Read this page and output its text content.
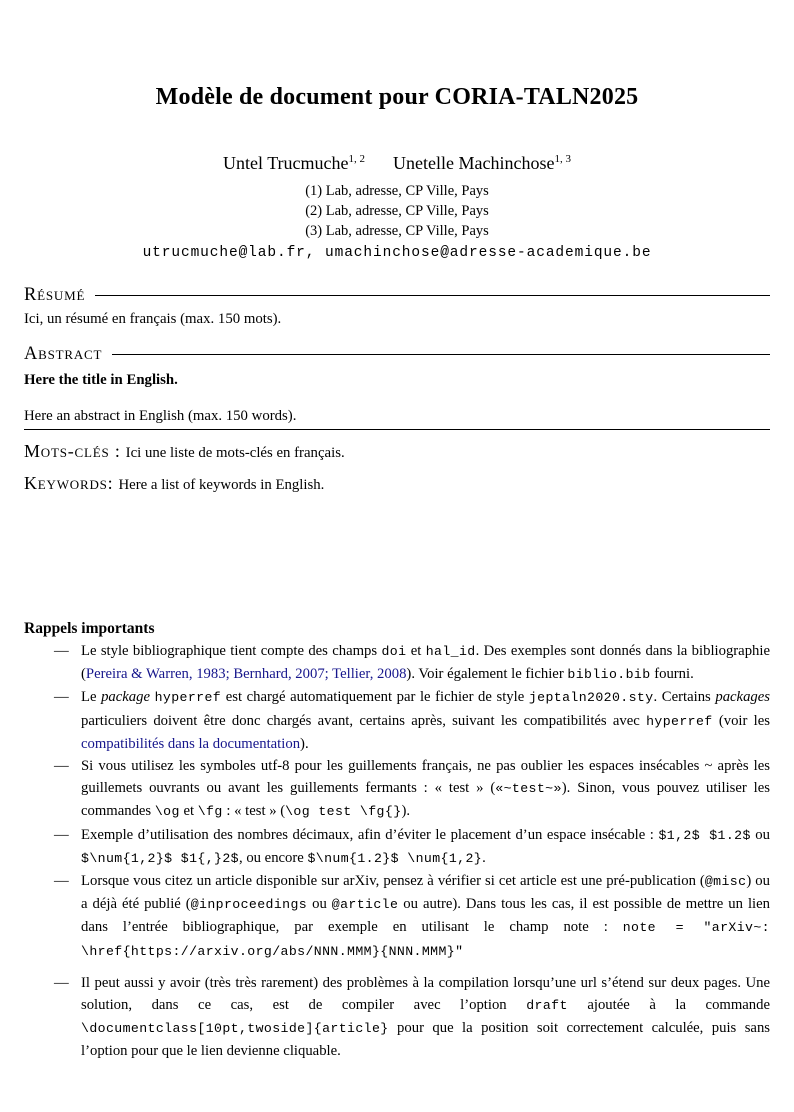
Modèle de document pour CORIA-TALN2025
Untel Trucmuche$^{1, 2}$ Unetelle Machinchose$^{1, 3}$
(1) Lab, adresse, CP Ville, Pays
(2) Lab, adresse, CP Ville, Pays
(3) Lab, adresse, CP Ville, Pays
utrucmuche@lab.fr, umachinchose@adresse-academique.be
Résumé
Ici, un résumé en français (max. 150 mots).
Abstract
Here the title in English.
Here an abstract in English (max. 150 words).
Mots-clés : Ici une liste de mots-clés en français.
Keywords: Here a list of keywords in English.
Rappels importants
— Le style bibliographique tient compte des champs doi et hal_id. Des exemples sont donnés dans la bibliographie (Pereira & Warren, 1983; Bernhard, 2007; Tellier, 2008). Voir également le fichier biblio.bib fourni.
— Le package hyperref est chargé automatiquement par le fichier de style jeptaln2020.sty. Certains packages particuliers doivent être donc chargés avant, certains après, suivant les compatibilités avec hyperref (voir les compatibilités dans la documentation).
— Si vous utilisez les symboles utf-8 pour les guillements français, ne pas oublier les espaces insécables ~ après les guillemets ouvrants ou avant les guillements fermants : « test » («~test~»). Sinon, vous pouvez utiliser les commandes \og et \fg : « test » (\og test \fg{}).
— Exemple d’utilisation des nombres décimaux, afin d’éviter le placement d’un espace insécable : $1,2$ $1.2$ ou $\num{1,2}$ $1{,}2$, ou encore $\num{1.2}$ \num{1,2}.
— Lorsque vous citez un article disponible sur arXiv, pensez à vérifier si cet article est une pré-publication (@misc) ou a déjà été publié (@inproceedings ou @article ou autre). Dans tous les cas, il est possible de mettre un lien dans l’entrée bibliographique, par exemple en utilisant le champ note : note = "arXiv~: \href{https://arxiv.org/abs/NNN.MMM}{NNN.MMM}"
— Il peut aussi y avoir (très très rarement) des problèmes à la compilation lorsqu’une url s’étend sur deux pages. Une solution, dans ce cas, est de compiler avec l’option draft ajoutée à la commande \documentclass[10pt,twoside]{article} pour que la position soit correctement calculée, puis sans l’option pour que le lien devienne cliquable.
